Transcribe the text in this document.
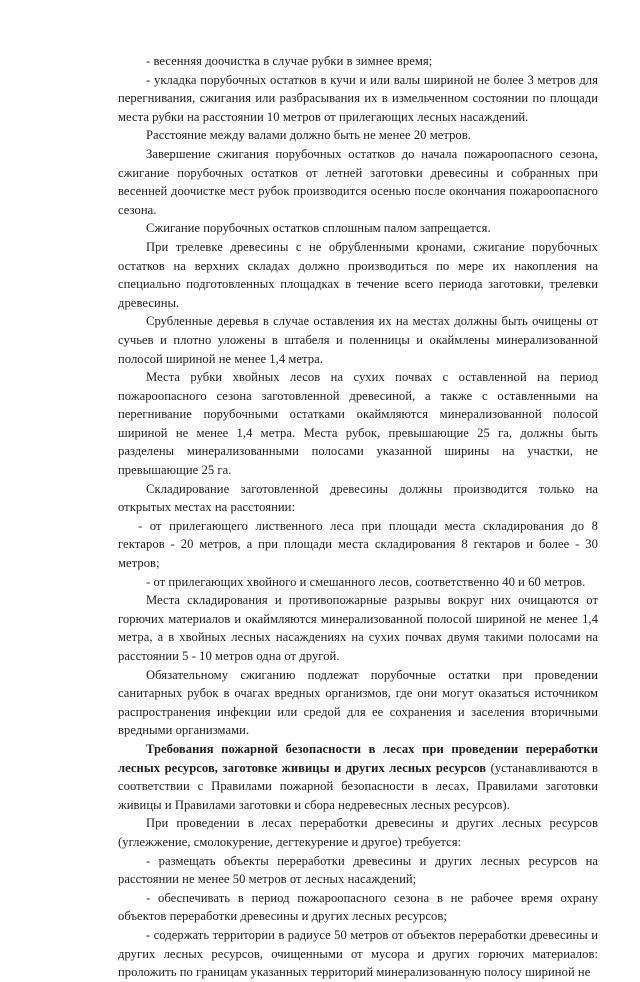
- весенняя доочистка в случае рубки в зимнее время;

- укладка порубочных остатков в кучи и или валы шириной не более 3 метров для перегнивания, сжигания или разбрасывания их в измельченном состоянии по площади места рубки на расстоянии 10 метров от прилегающих лесных насаждений.

Расстояние между валами должно быть не менее 20 метров.

Завершение сжигания порубочных остатков до начала пожароопасного сезона, сжигание порубочных остатков от летней заготовки древесины и собранных при весенней доочистке мест рубок производится осенью после окончания пожароопасного сезона.

Сжигание порубочных остатков сплошным палом запрещается.

При трелевке древесины с не обрубленными кронами, сжигание порубочных остатков на верхних складах должно производиться по мере их накопления на специально подготовленных площадках в течение всего периода заготовки, трелевки древесины.

Срубленные деревья в случае оставления их на местах должны быть очищены от сучьев и плотно уложены в штабеля и поленницы и окаймлены минерализованной полосой шириной не менее 1,4 метра.

Места рубки хвойных лесов на сухих почвах с оставленной на период пожароопасного сезона заготовленной древесиной, а также с оставленными на перегнивание порубочными остатками окаймляются минерализованной полосой шириной не менее 1,4 метра. Места рубок, превышающие 25 га, должны быть разделены минерализованными полосами указанной ширины на участки, не превышающие 25 га.

Складирование заготовленной древесины должны производится только на открытых местах на расстоянии:

- от прилегающего лиственного леса при площади места складирования до 8 гектаров - 20 метров, а при площади места складирования 8 гектаров и более - 30 метров;

- от прилегающих хвойного и смешанного лесов, соответственно 40 и 60 метров.

Места складирования и противопожарные разрывы вокруг них очищаются от горючих материалов и окаймляются минерализованной полосой шириной не менее 1,4 метра, а в хвойных лесных насаждениях на сухих почвах двумя такими полосами на расстоянии 5 - 10 метров одна от другой.

Обязательному сжиганию подлежат порубочные остатки при проведении санитарных рубок в очагах вредных организмов, где они могут оказаться источником распространения инфекции или средой для ее сохранения и заселения вторичными вредными организмами.

Требования пожарной безопасности в лесах при проведении переработки лесных ресурсов, заготовке живицы и других лесных ресурсов (устанавливаются в соответствии с Правилами пожарной безопасности в лесах, Правилами заготовки живицы и Правилами заготовки и сбора недревесных лесных ресурсов).

При проведении в лесах переработки древесины и других лесных ресурсов (углежжение, смолокурение, дегтекурение и другое) требуется:

- размещать объекты переработки древесины и других лесных ресурсов на расстоянии не менее 50 метров от лесных насаждений;

- обеспечивать в период пожароопасного сезона в не рабочее время охрану объектов переработки древесины и других лесных ресурсов;

- содержать территории в радиусе 50 метров от объектов переработки древесины и других лесных ресурсов, очищенными от мусора и других горючих материалов: проложить по границам указанных территорий минерализованную полосу шириной не
